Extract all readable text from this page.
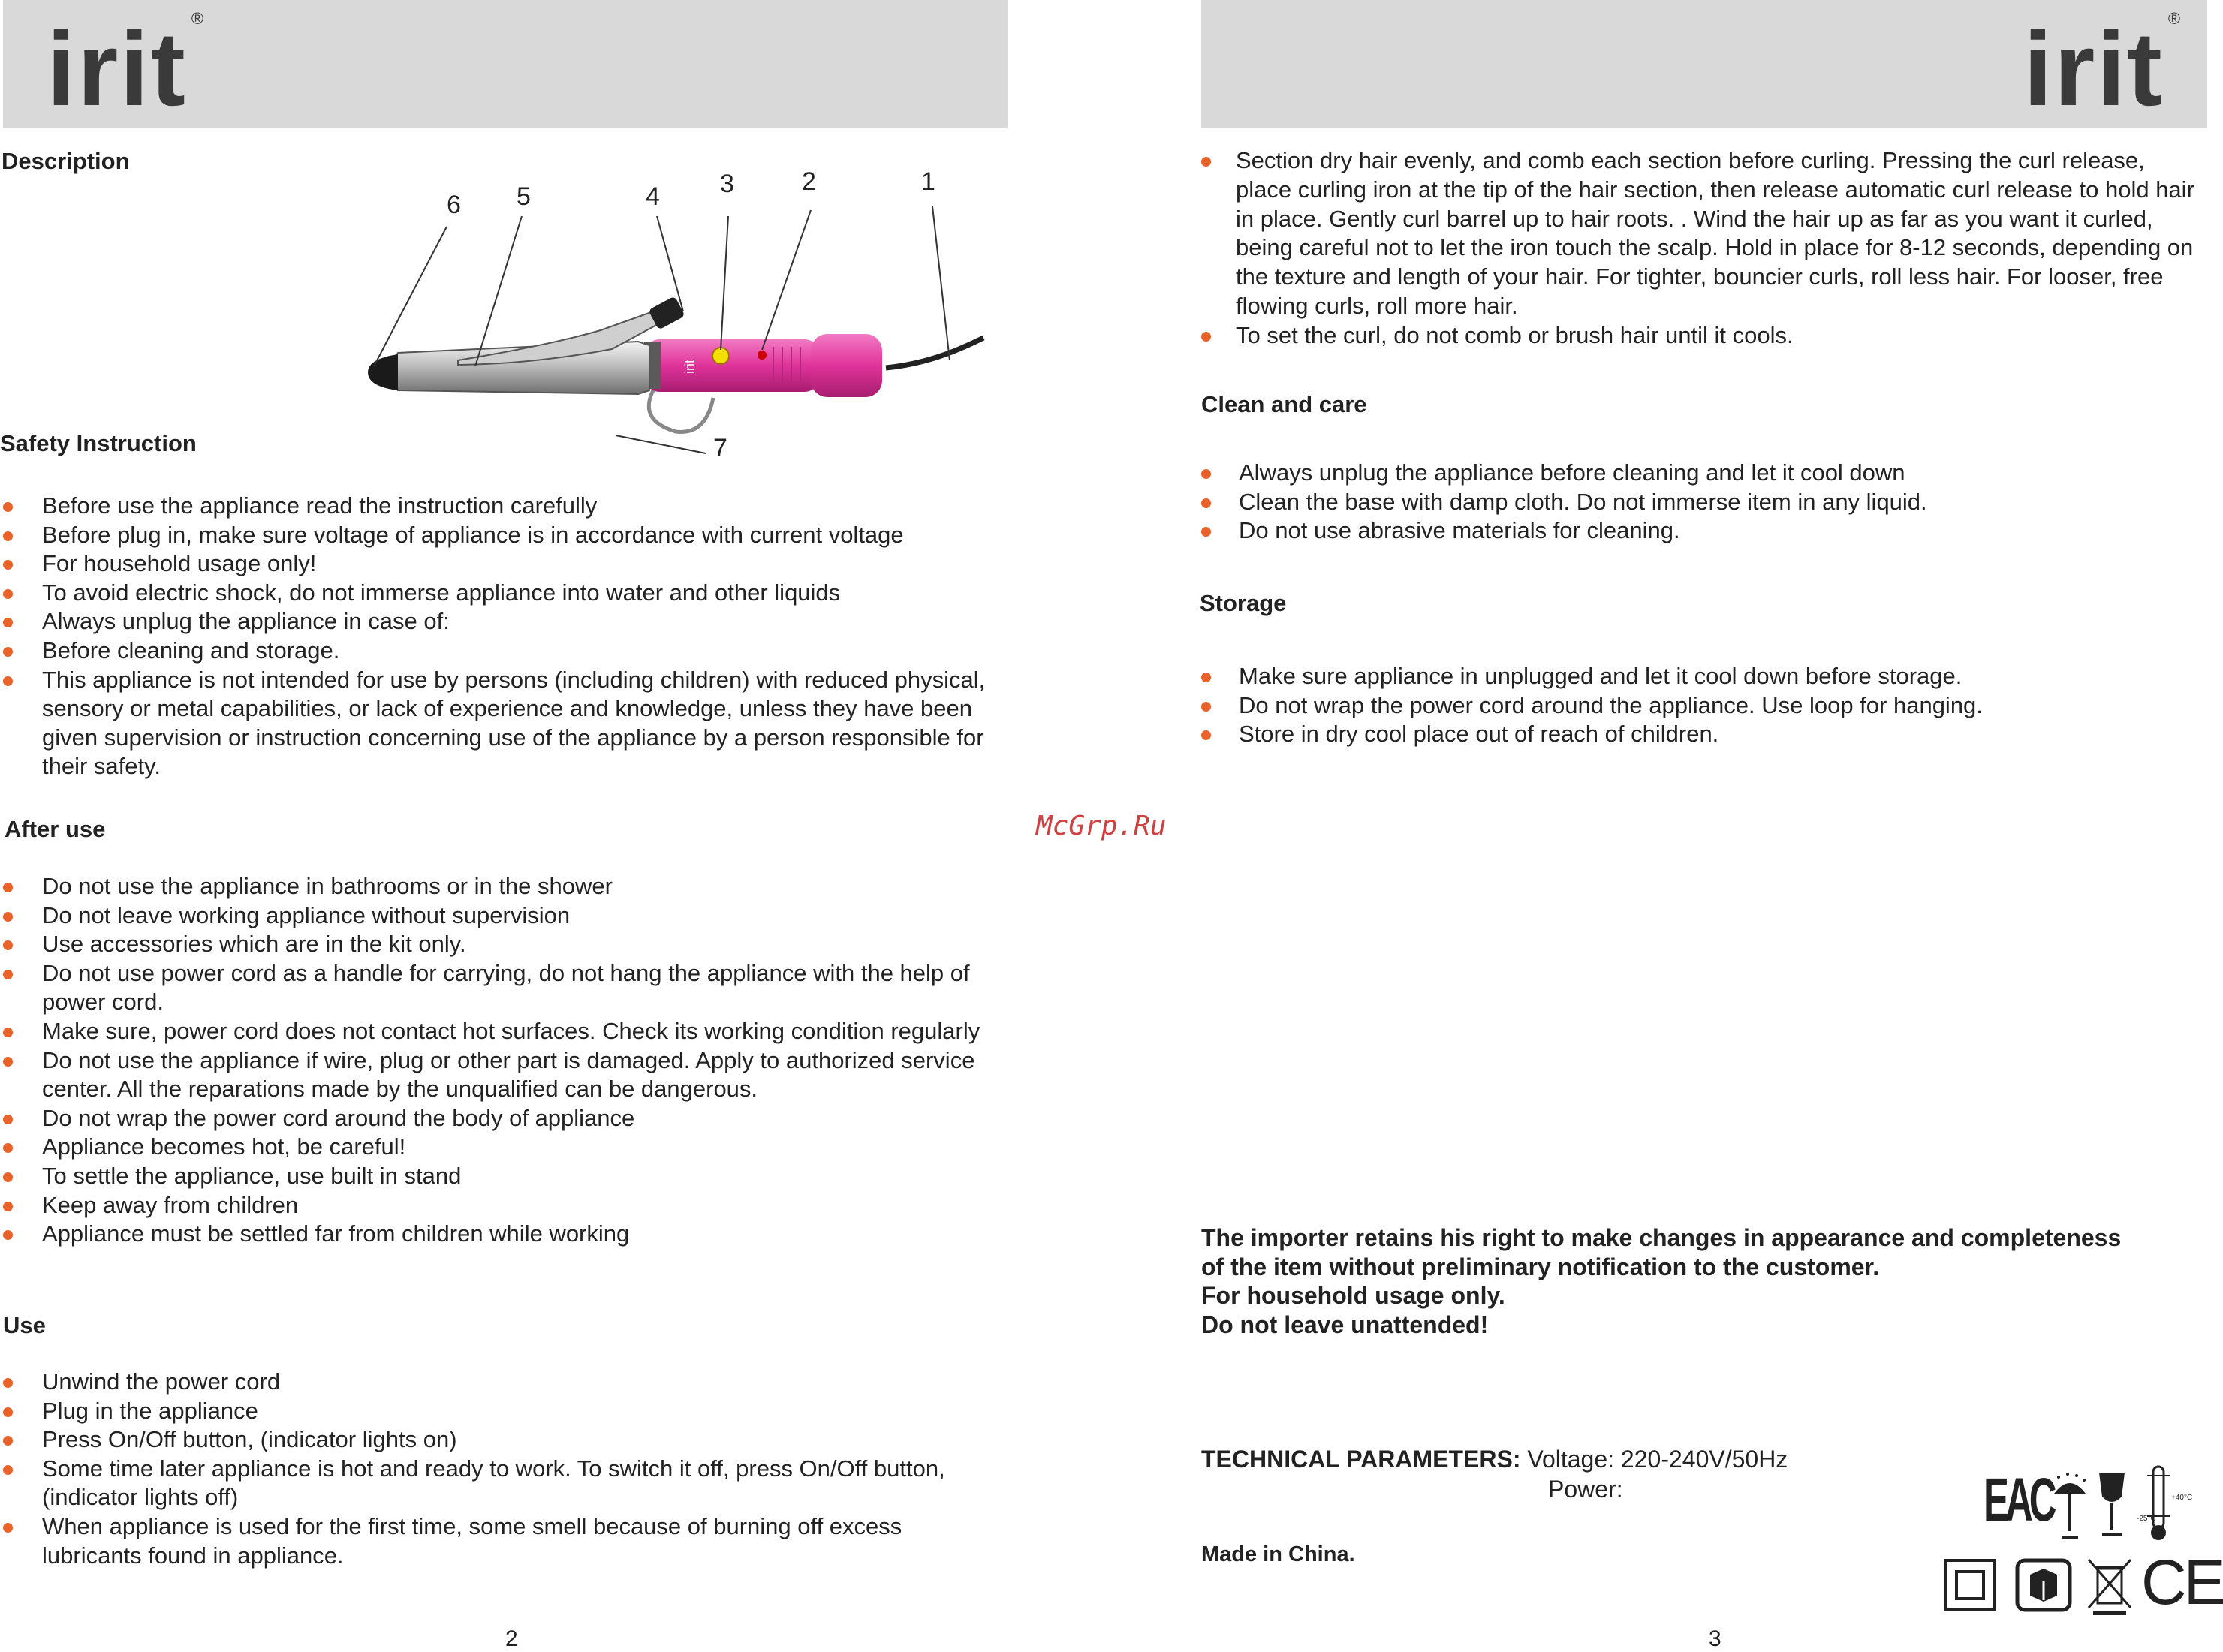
irit ®
Description
irit
1
2
3
4
5
6
7
Safety Instruction
Before use the appliance read the instruction carefully
Before plug in, make sure voltage of appliance is in accordance with current voltage
For household usage only!
To avoid electric shock, do not immerse appliance into water and other liquids
Always unplug the appliance in case of:
Before cleaning and storage.
This appliance is not intended for use by persons (including children) with reduced physical, sensory or metal capabilities, or lack of experience and knowledge, unless they have been given supervision or instruction concerning use of the appliance by a person responsible for their safety.
After use
Do not use the appliance in bathrooms or in the shower
Do not leave working appliance without supervision
Use accessories which are in the kit only.
Do not use power cord as a handle for carrying, do not hang the appliance with the help of power cord.
Make sure, power cord does not contact hot surfaces. Check its working condition regularly
Do not use the appliance if wire, plug or other part is damaged. Apply to authorized service center. All the reparations made by the unqualified can be dangerous.
Do not wrap the power cord around the body of appliance
Appliance becomes hot, be careful!
To settle the appliance, use built in stand
Keep away from children
Appliance must be settled far from children while working
Use
Unwind the power cord
Plug in the appliance
Press On/Off button, (indicator lights on)
Some time later appliance is hot and ready to work. To switch it off, press On/Off button, (indicator lights off)
When appliance is used for the first time, some smell because of burning off excess lubricants found in appliance.
2
McGrp.Ru
irit ®
Section dry hair evenly, and comb each section before curling. Pressing the curl release, place curling iron at the tip of the hair section, then release automatic curl release to hold hair in place. Gently curl barrel up to hair roots. . Wind the hair up as far as you want it curled, being careful not to let the iron touch the scalp. Hold in place for 8-12 seconds, depending on the texture and length of your hair. For tighter, bouncier curls, roll less hair. For looser, free flowing curls, roll more hair.
To set the curl, do not comb or brush hair until it cools.
Clean and care
Always unplug the appliance before cleaning and let it cool down
Clean the base with damp cloth. Do not immerse item in any liquid.
Do not use abrasive materials for cleaning.
Storage
Make sure appliance in unplugged and let it cool down before storage.
Do not wrap the power cord around the appliance. Use loop for hanging.
Store in dry cool place out of reach of children.
The importer retains his right to make changes in appearance and completeness
of the item without preliminary notification to the customer.
For household usage only.
Do not leave unattended!
TECHNICAL PARAMETERS: Voltage: 220-240V/50Hz
Power:
Made in China.
EAC	+40°C
-25°C
CE
3
